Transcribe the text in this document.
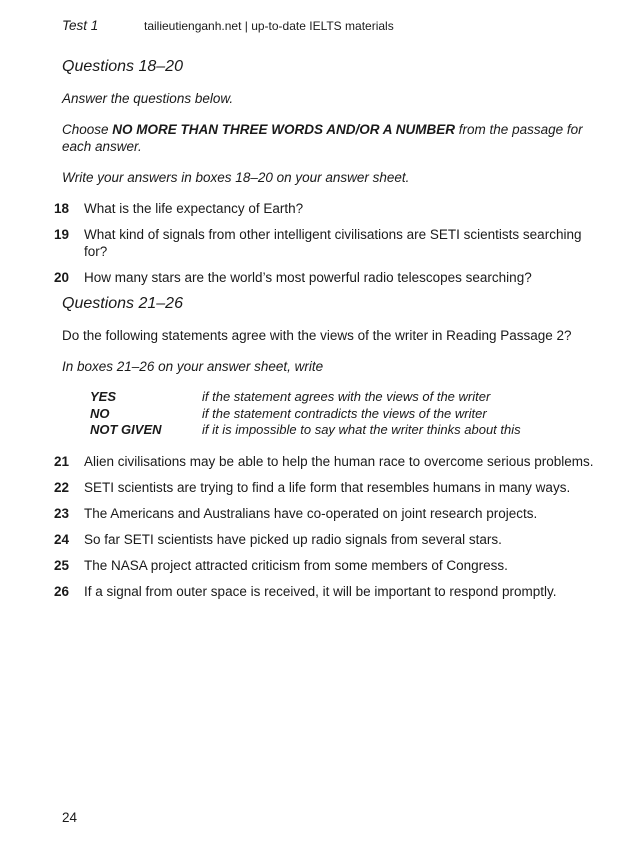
Test 1	tailieutienganh.net | up-to-date IELTS materials
Questions 18–20
Answer the questions below.
Choose NO MORE THAN THREE WORDS AND/OR A NUMBER from the passage for each answer.
Write your answers in boxes 18–20 on your answer sheet.
18	What is the life expectancy of Earth?
19	What kind of signals from other intelligent civilisations are SETI scientists searching for?
20	How many stars are the world’s most powerful radio telescopes searching?
Questions 21–26
Do the following statements agree with the views of the writer in Reading Passage 2?
In boxes 21–26 on your answer sheet, write
YES	if the statement agrees with the views of the writer
NO	if the statement contradicts the views of the writer
NOT GIVEN	if it is impossible to say what the writer thinks about this
21	Alien civilisations may be able to help the human race to overcome serious problems.
22	SETI scientists are trying to find a life form that resembles humans in many ways.
23	The Americans and Australians have co-operated on joint research projects.
24	So far SETI scientists have picked up radio signals from several stars.
25	The NASA project attracted criticism from some members of Congress.
26	If a signal from outer space is received, it will be important to respond promptly.
24
